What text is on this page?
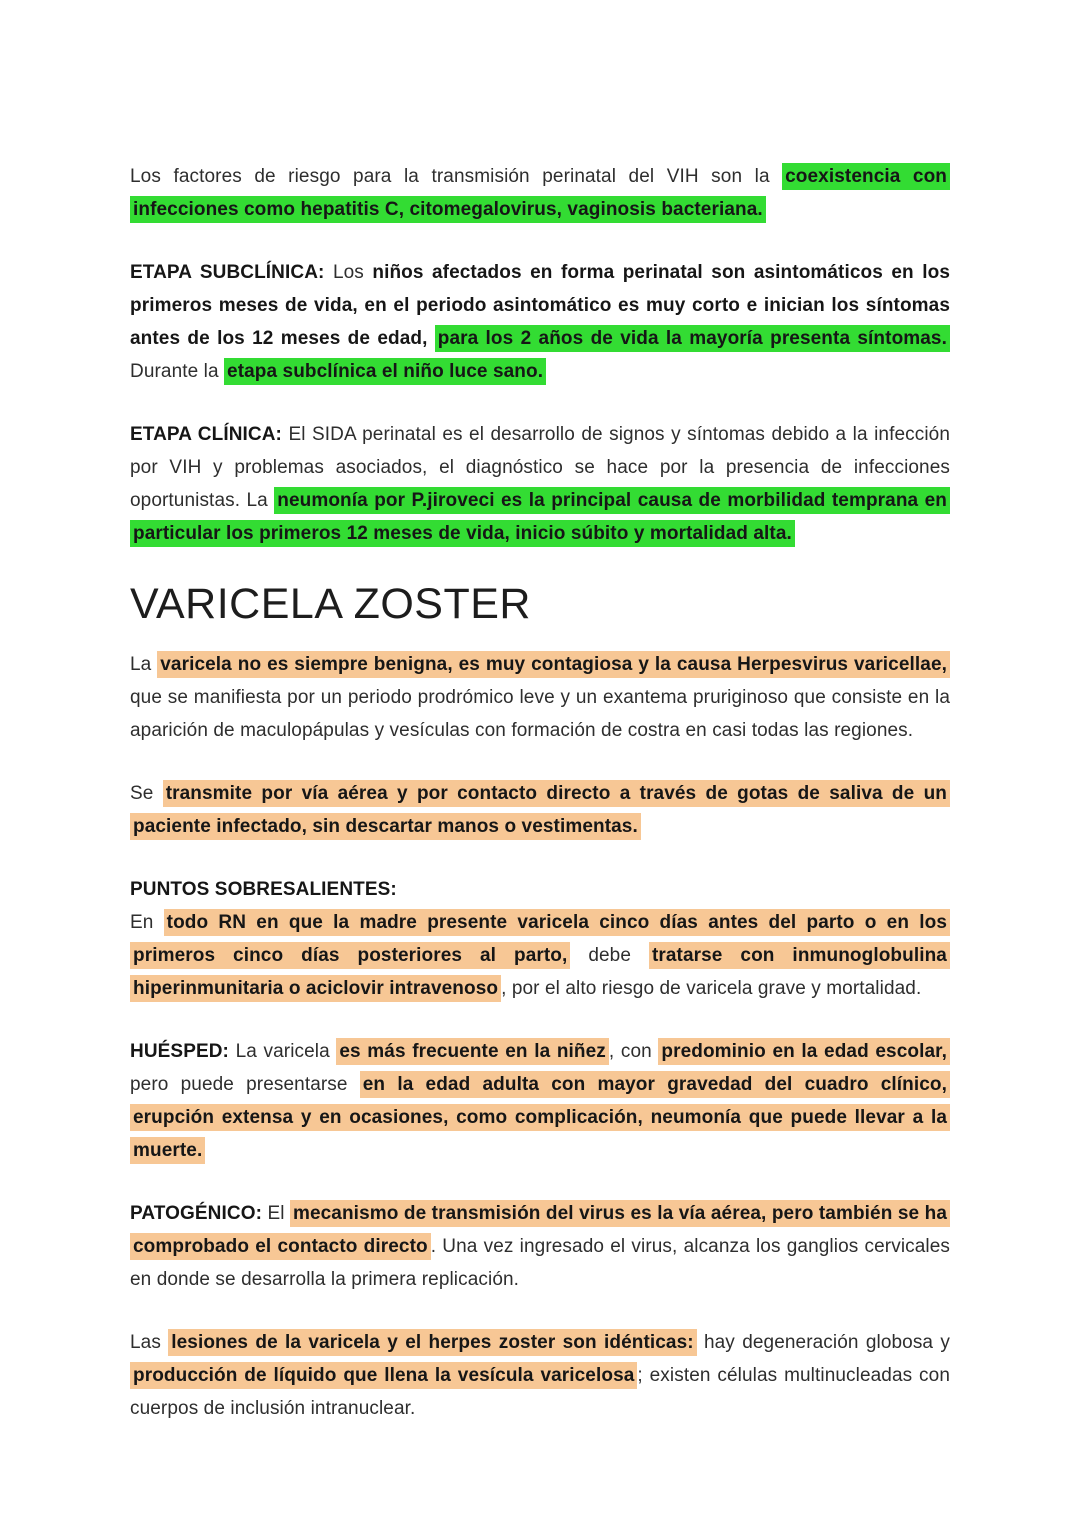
Los factores de riesgo para la transmisión perinatal del VIH son la coexistencia con infecciones como hepatitis C, citomegalovirus, vaginosis bacteriana.

ETAPA SUBCLÍNICA: Los niños afectados en forma perinatal son asintomáticos en los primeros meses de vida, en el periodo asintomático es muy corto e inician los síntomas antes de los 12 meses de edad, para los 2 años de vida la mayoría presenta síntomas. Durante la etapa subclínica el niño luce sano.

ETAPA CLÍNICA: El SIDA perinatal es el desarrollo de signos y síntomas debido a la infección por VIH y problemas asociados, el diagnóstico se hace por la presencia de infecciones oportunistas. La neumonía por P.jiroveci es la principal causa de morbilidad temprana en particular los primeros 12 meses de vida, inicio súbito y mortalidad alta.

VARICELA ZOSTER

La varicela no es siempre benigna, es muy contagiosa y la causa Herpesvirus varicellae, que se manifiesta por un periodo prodrómico leve y un exantema pruriginoso que consiste en la aparición de maculopápulas y vesículas con formación de costra en casi todas las regiones.

Se transmite por vía aérea y por contacto directo a través de gotas de saliva de un paciente infectado, sin descartar manos o vestimentas.

PUNTOS SOBRESALIENTES:
En todo RN en que la madre presente varicela cinco días antes del parto o en los primeros cinco días posteriores al parto, debe tratarse con inmunoglobulina hiperinmunitaria o aciclovir intravenoso , por el alto riesgo de varicela grave y mortalidad.

HUÉSPED: La varicela es más frecuente en la niñez , con predominio en la edad escolar, pero puede presentarse en la edad adulta con mayor gravedad del cuadro clínico, erupción extensa y en ocasiones, como complicación, neumonía que puede llevar a la muerte.

PATOGÉNICO: El mecanismo de transmisión del virus es la vía aérea, pero también se ha comprobado el contacto directo . Una vez ingresado el virus, alcanza los ganglios cervicales en donde se desarrolla la primera replicación.

Las lesiones de la varicela y el herpes zoster son idénticas: hay degeneración globosa y producción de líquido que llena la vesícula varicelosa ; existen células multinucleadas con cuerpos de inclusión intranuclear.
